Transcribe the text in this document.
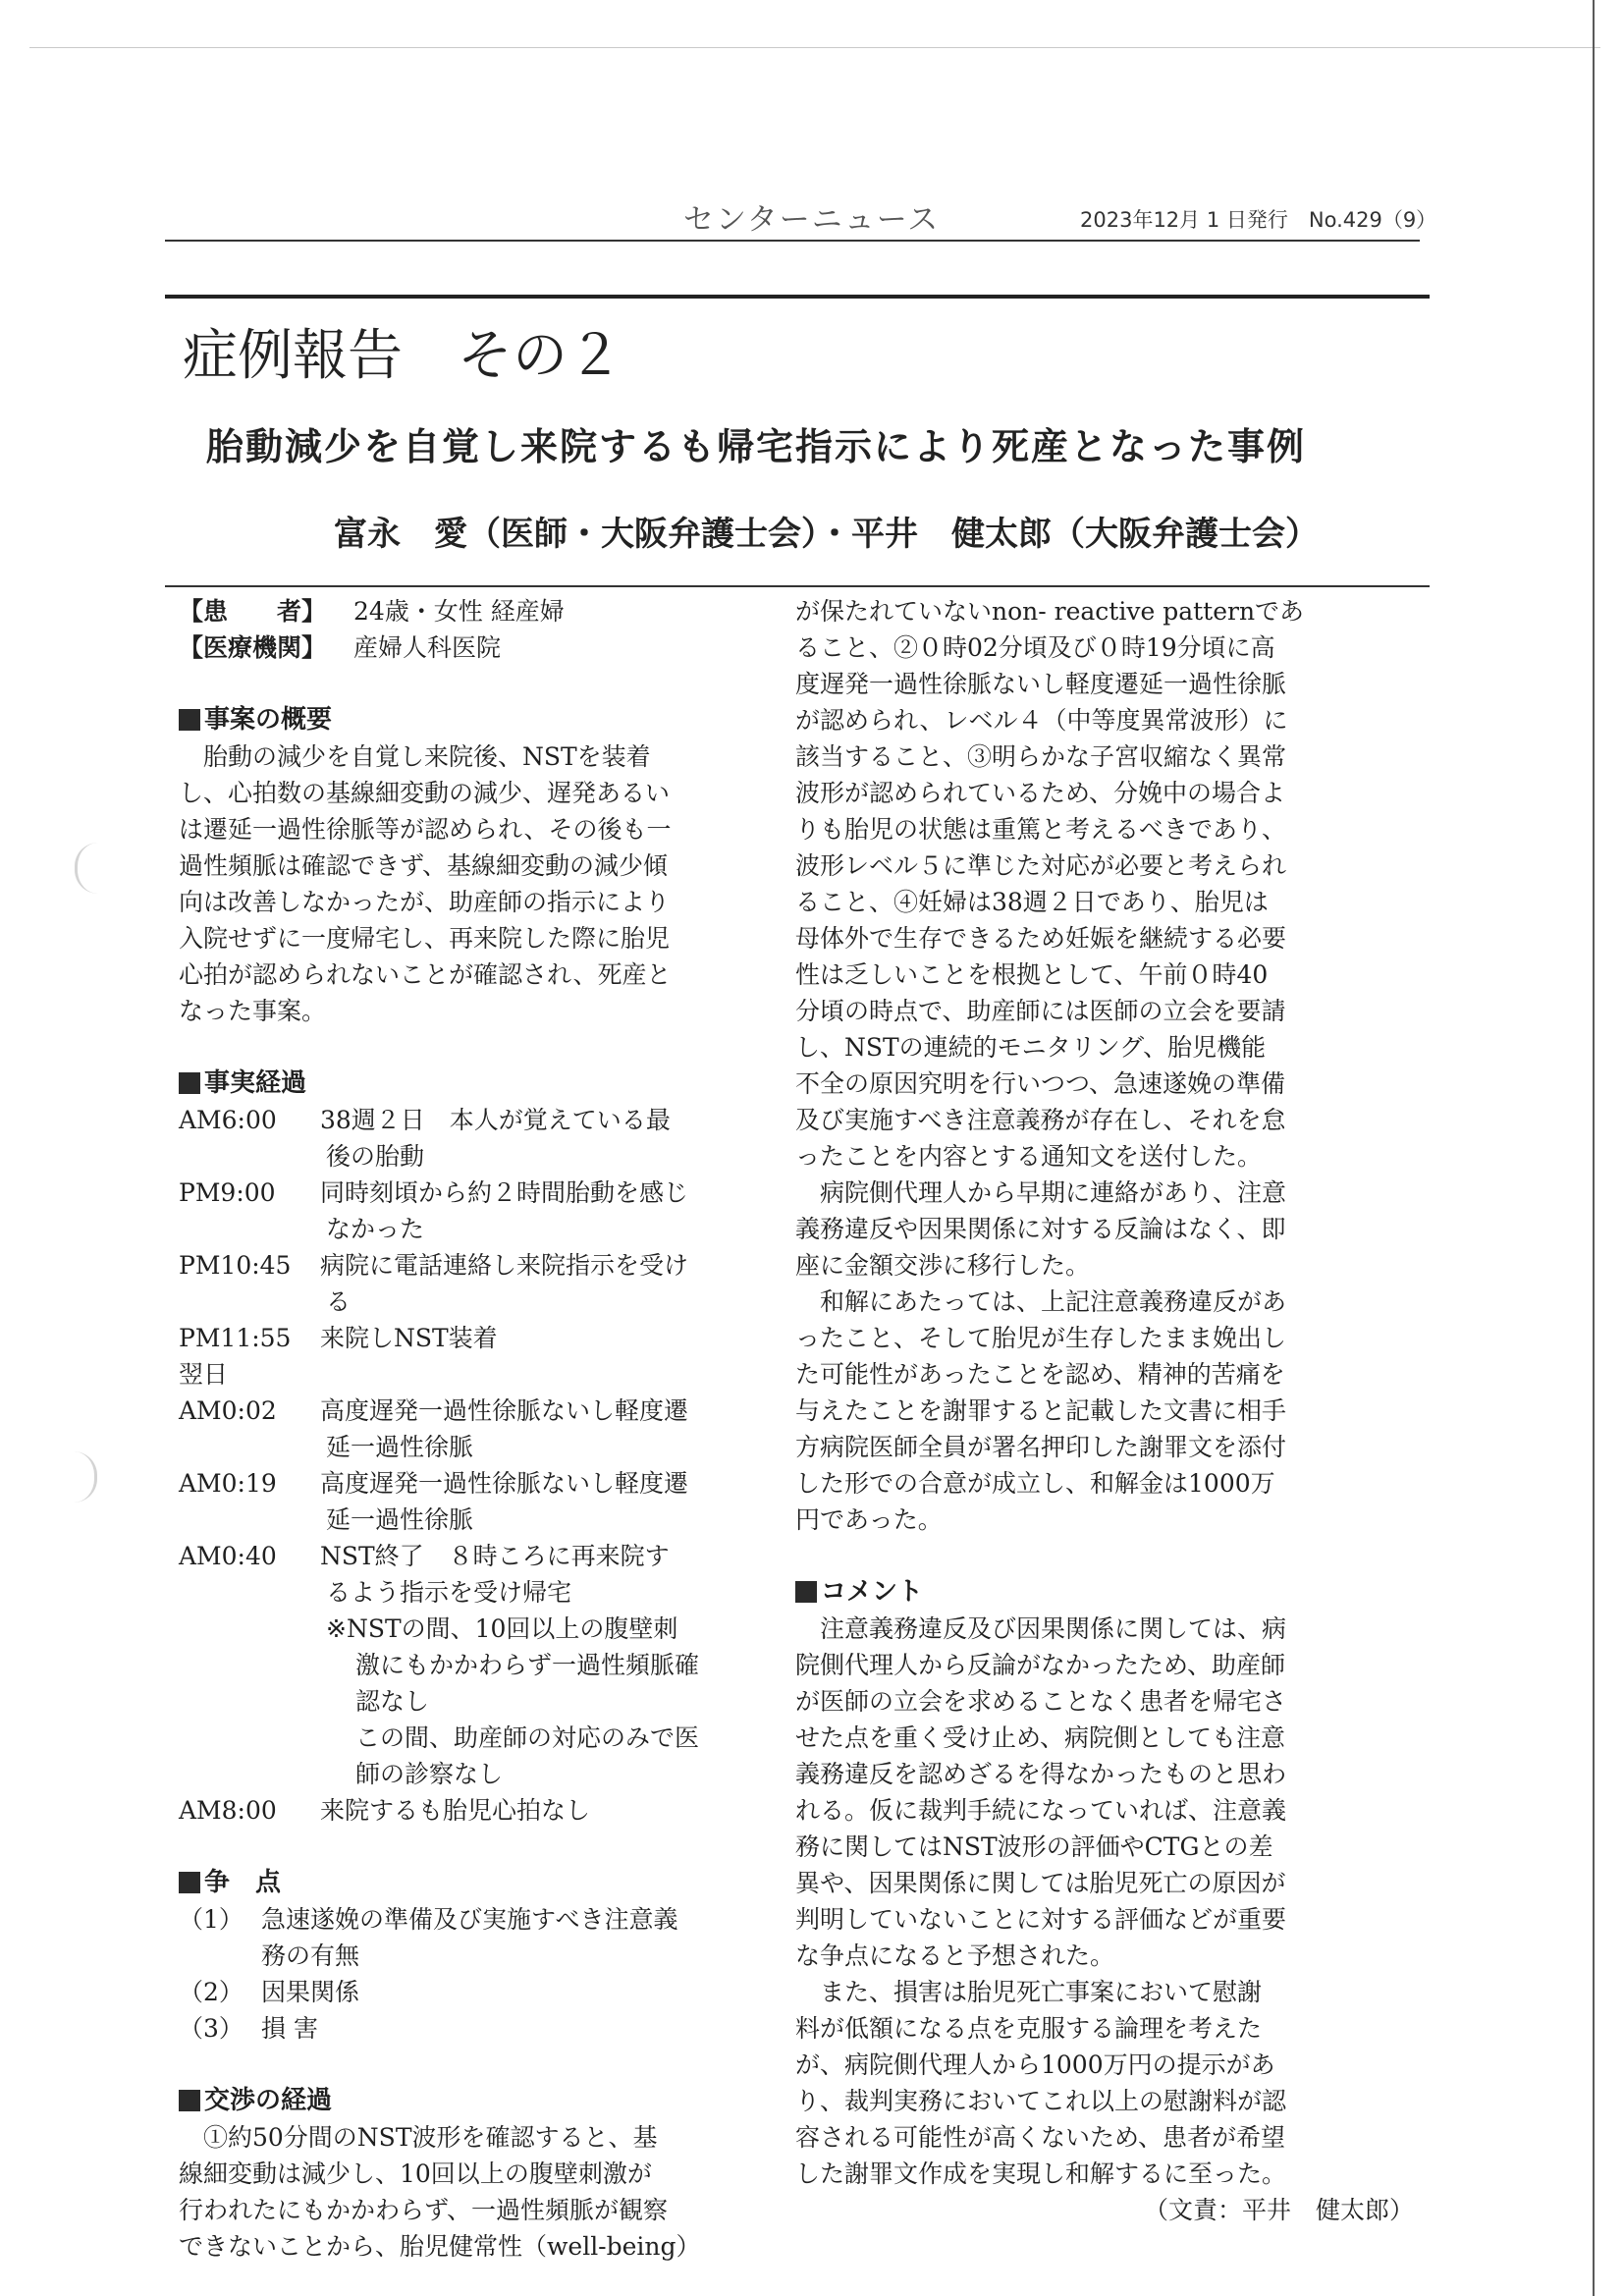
センターニュース	2023年12月 1 日発行　No.429（9）
症例報告　その２
胎動減少を自覚し来院するも帰宅指示により死産となった事例
富永　愛（医師・大阪弁護士会）・平井　健太郎（大阪弁護士会）
【患　　者】 24歳・女性 経産婦
【医療機関】 産婦人科医院
事案の概要
胎動の減少を自覚し来院後、NSTを装着
し、心拍数の基線細変動の減少、遅発あるい
は遷延一過性徐脈等が認められ、その後も一
過性頻脈は確認できず、基線細変動の減少傾
向は改善しなかったが、助産師の指示により
入院せずに一度帰宅し、再来院した際に胎児
心拍が認められないことが確認され、死産と
なった事案。
事実経過
AM6:00 38週２日　本人が覚えている最
後の胎動
PM9:00 同時刻頃から約２時間胎動を感じ
なかった
PM10:45 病院に電話連絡し来院指示を受け
る
PM11:55 来院しNST装着
翌日
AM0:02 高度遅発一過性徐脈ないし軽度遷
延一過性徐脈
AM0:19 高度遅発一過性徐脈ないし軽度遷
延一過性徐脈
AM0:40 NST終了　８時ころに再来院す
るよう指示を受け帰宅
※NSTの間、10回以上の腹壁刺
激にもかかわらず一過性頻脈確
認なし
この間、助産師の対応のみで医
師の診察なし
AM8:00 来院するも胎児心拍なし
争　点
（1） 急速遂娩の準備及び実施すべき注意義
務の有無
（2） 因果関係
（3） 損 害
交渉の経過
①約50分間のNST波形を確認すると、基
線細変動は減少し、10回以上の腹壁刺激が
行われたにもかかわらず、一過性頻脈が観察
できないことから、胎児健常性（well-being）
が保たれていないnon- reactive patternであ
ること、②０時02分頃及び０時19分頃に高
度遅発一過性徐脈ないし軽度遷延一過性徐脈
が認められ、レベル４（中等度異常波形）に
該当すること、③明らかな子宮収縮なく異常
波形が認められているため、分娩中の場合よ
りも胎児の状態は重篤と考えるべきであり、
波形レベル５に準じた対応が必要と考えられ
ること、④妊婦は38週２日であり、胎児は
母体外で生存できるため妊娠を継続する必要
性は乏しいことを根拠として、午前０時40
分頃の時点で、助産師には医師の立会を要請
し、NSTの連続的モニタリング、胎児機能
不全の原因究明を行いつつ、急速遂娩の準備
及び実施すべき注意義務が存在し、それを怠
ったことを内容とする通知文を送付した。
病院側代理人から早期に連絡があり、注意
義務違反や因果関係に対する反論はなく、即
座に金額交渉に移行した。
和解にあたっては、上記注意義務違反があ
ったこと、そして胎児が生存したまま娩出し
た可能性があったことを認め、精神的苦痛を
与えたことを謝罪すると記載した文書に相手
方病院医師全員が署名押印した謝罪文を添付
した形での合意が成立し、和解金は1000万
円であった。
コメント
注意義務違反及び因果関係に関しては、病
院側代理人から反論がなかったため、助産師
が医師の立会を求めることなく患者を帰宅さ
せた点を重く受け止め、病院側としても注意
義務違反を認めざるを得なかったものと思わ
れる。仮に裁判手続になっていれば、注意義
務に関してはNST波形の評価やCTGとの差
異や、因果関係に関しては胎児死亡の原因が
判明していないことに対する評価などが重要
な争点になると予想された。
また、損害は胎児死亡事案において慰謝
料が低額になる点を克服する論理を考えた
が、病院側代理人から1000万円の提示があ
り、裁判実務においてこれ以上の慰謝料が認
容される可能性が高くないため、患者が希望
した謝罪文作成を実現し和解するに至った。
（文責：平井　健太郎）
